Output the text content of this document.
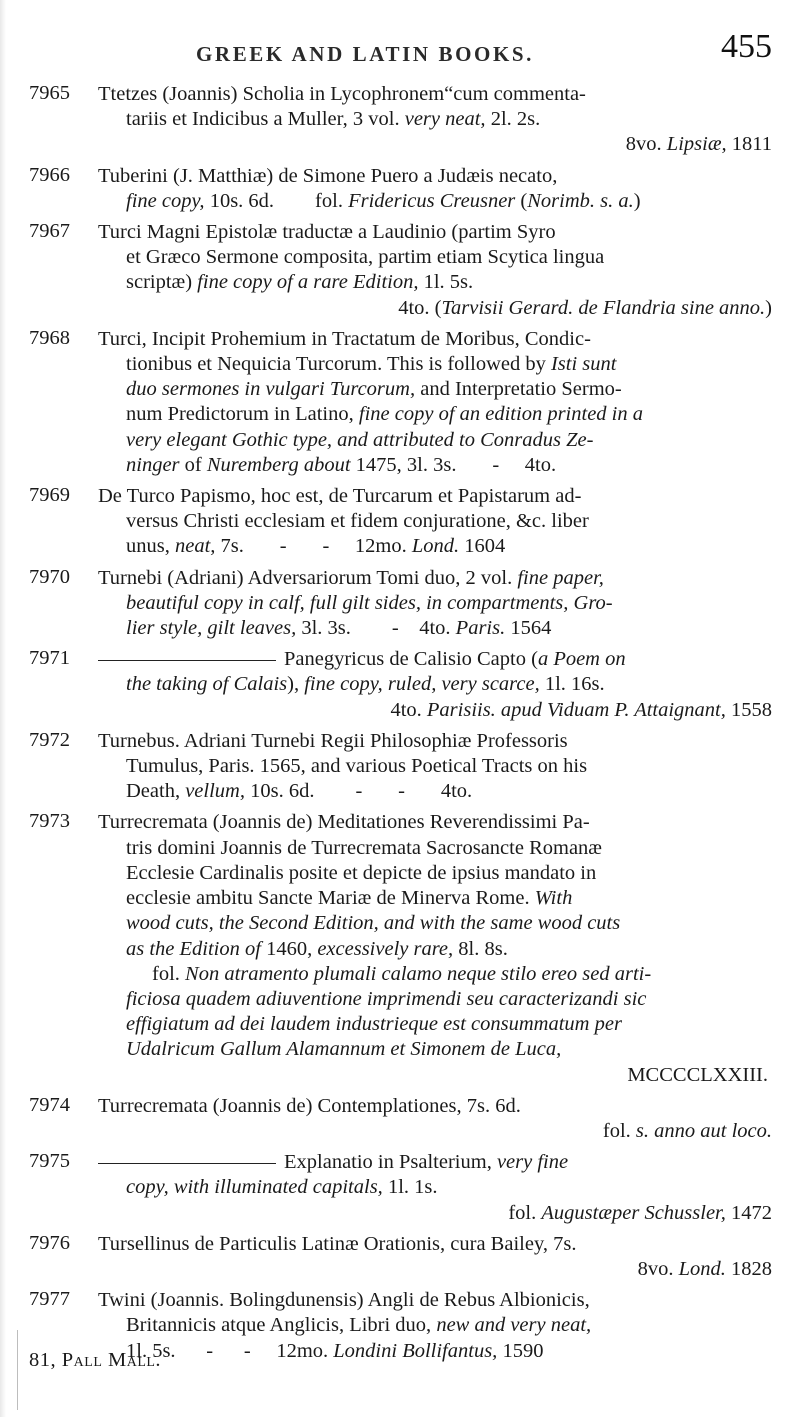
GREEK AND LATIN BOOKS.	455
7965	Ttetzes (Joannis) Scholia in Lycophronem“cum commenta-
tariis et Indicibus a Muller, 3 vol. very neat, 2l. 2s.
8vo. Lipsiæ, 1811
7966	Tuberini (J. Matthiæ) de Simone Puero a Judæis necato,
fine copy, 10s. 6d.        fol. Fridericus Creusner (Norimb. s. a.)
7967	Turci Magni Epistolæ traductæ a Laudinio (partim Syro
et Græco Sermone composita, partim etiam Scytica lingua
scriptæ) fine copy of a rare Edition, 1l. 5s.
4to. (Tarvisii Gerard. de Flandria sine anno.)
7968	Turci, Incipit Prohemium in Tractatum de Moribus, Condic-
tionibus et Nequicia Turcorum. This is followed by Isti sunt
duo sermones in vulgari Turcorum, and Interpretatio Sermo-
num Predictorum in Latino, fine copy of an edition printed in a
very elegant Gothic type, and attributed to Conradus Ze-
ninger of Nuremberg about 1475, 3l. 3s.       -     4to.
7969	De Turco Papismo, hoc est, de Turcarum et Papistarum ad-
versus Christi ecclesiam et fidem conjuratione, &c. liber
unus, neat, 7s.       -       -     12mo. Lond. 1604
7970	Turnebi (Adriani) Adversariorum Tomi duo, 2 vol. fine paper,
beautiful copy in calf, full gilt sides, in compartments, Gro-
lier style, gilt leaves, 3l. 3s.        -    4to. Paris. 1564
7971	Panegyricus de Calisio Capto (a Poem on
the taking of Calais), fine copy, ruled, very scarce, 1l. 16s.
4to. Parisiis. apud Viduam P. Attaignant, 1558
7972	Turnebus. Adriani Turnebi Regii Philosophiæ Professoris
Tumulus, Paris. 1565, and various Poetical Tracts on his
Death, vellum, 10s. 6d.        -       -       4to.
7973	Turrecremata (Joannis de) Meditationes Reverendissimi Pa-
tris domini Joannis de Turrecremata Sacrosancte Romanæ
Ecclesie Cardinalis posite et depicte de ipsius mandato in
ecclesie ambitu Sancte Mariæ de Minerva Rome. With
wood cuts, the Second Edition, and with the same wood cuts
as the Edition of 1460, excessively rare, 8l. 8s.
fol. Non atramento plumali calamo neque stilo ereo sed arti-
ficiosa quadem adiuventione imprimendi seu caracterizandi sic
effigiatum ad dei laudem industrieque est consummatum per
Udalricum Gallum Alamannum et Simonem de Luca,
MCCCCLXXIII.
7974	Turrecremata (Joannis de) Contemplationes, 7s. 6d.
fol. s. anno aut loco.
7975	Explanatio in Psalterium, very fine
copy, with illuminated capitals, 1l. 1s.
fol. Augustæper Schussler, 1472
7976	Tursellinus de Particulis Latinæ Orationis, cura Bailey, 7s.
8vo. Lond. 1828
7977	Twini (Joannis. Bolingdunensis) Angli de Rebus Albionicis,
Britannicis atque Anglicis, Libri duo, new and very neat,
1l. 5s.      -      -     12mo. Londini Bollifantus, 1590
81, Pall Mall.
